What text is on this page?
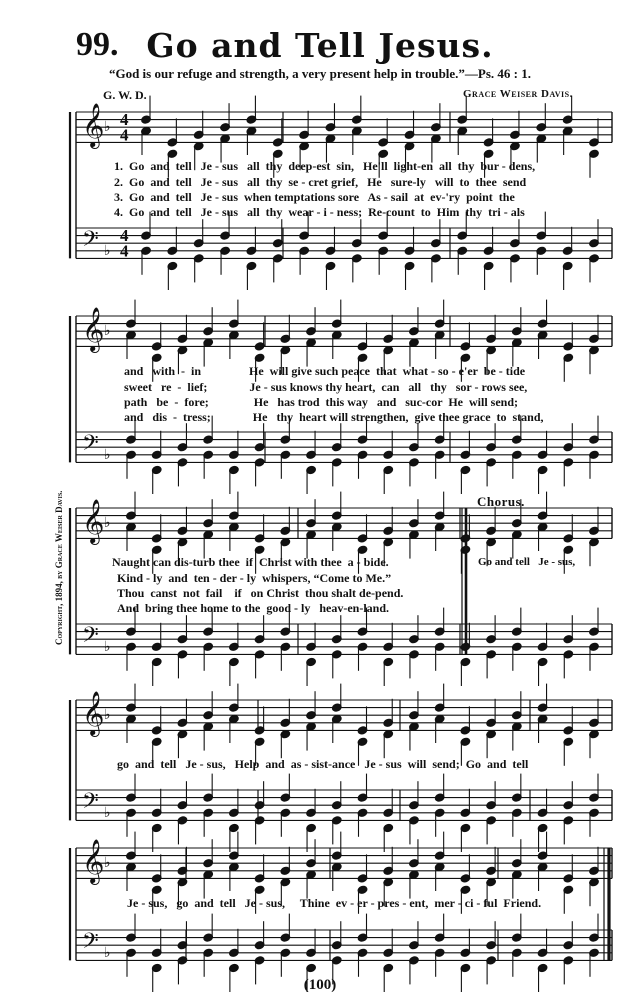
99. Go and Tell Jesus.
“God is our refuge and strength, a very present help in trouble.”—Ps. 46 : 1.
G. W. D.	Grace Weiser Davis.
Copyright, 1894, by Grace Weiser Davis.
𝄞
𝄢
♭
♭
4
4
4
4
𝄞
𝄢
♭
♭
𝄞
𝄢
♭
♭
𝄞
𝄢
♭
♭
𝄞
𝄢
♭
♭
1.  Go  and  tell   Je - sus   all  thy  deep-est  sin,   He'll  light-en  all  thy  bur - dens,
2.  Go  and  tell   Je - sus   all  thy  se - cret grief,   He   sure-ly   will  to  thee  send
3.  Go  and  tell   Je - sus  when temptations sore   As - sail  at  ev-'ry  point  the
4.  Go  and  tell   Je - sus   all  thy  wear - i - ness;  Re-count  to  Him  thy  tri - als
and   with  -  in                He  will give such peace  that  what - so - e'er  be - tide
sweet   re  -  lief;              Je - sus knows thy heart,  can   all   thy   sor - rows see,
path   be  -  fore;               He   has trod  this way   and   suc-cor  He  will send;
and   dis  -  tress;              He   thy  heart will strengthen,  give thee grace  to  stand,
Chorus.
Naught can dis-turb thee  if  Christ with thee  a - bide.	Go and tell   Je - sus,
Kind - ly  and  ten - der - ly  whispers, “Come to Me.”
Thou  canst  not  fail    if   on Christ  thou shalt de-pend.
And  bring thee home to the  good - ly   heav-en-land.
go  and  tell   Je - sus,   Help  and  as - sist-ance   Je - sus  will  send;  Go  and  tell
Je - sus,   go  and  tell   Je - sus,     Thine  ev - er - pres - ent,  mer - ci - ful  Friend.
(100)
